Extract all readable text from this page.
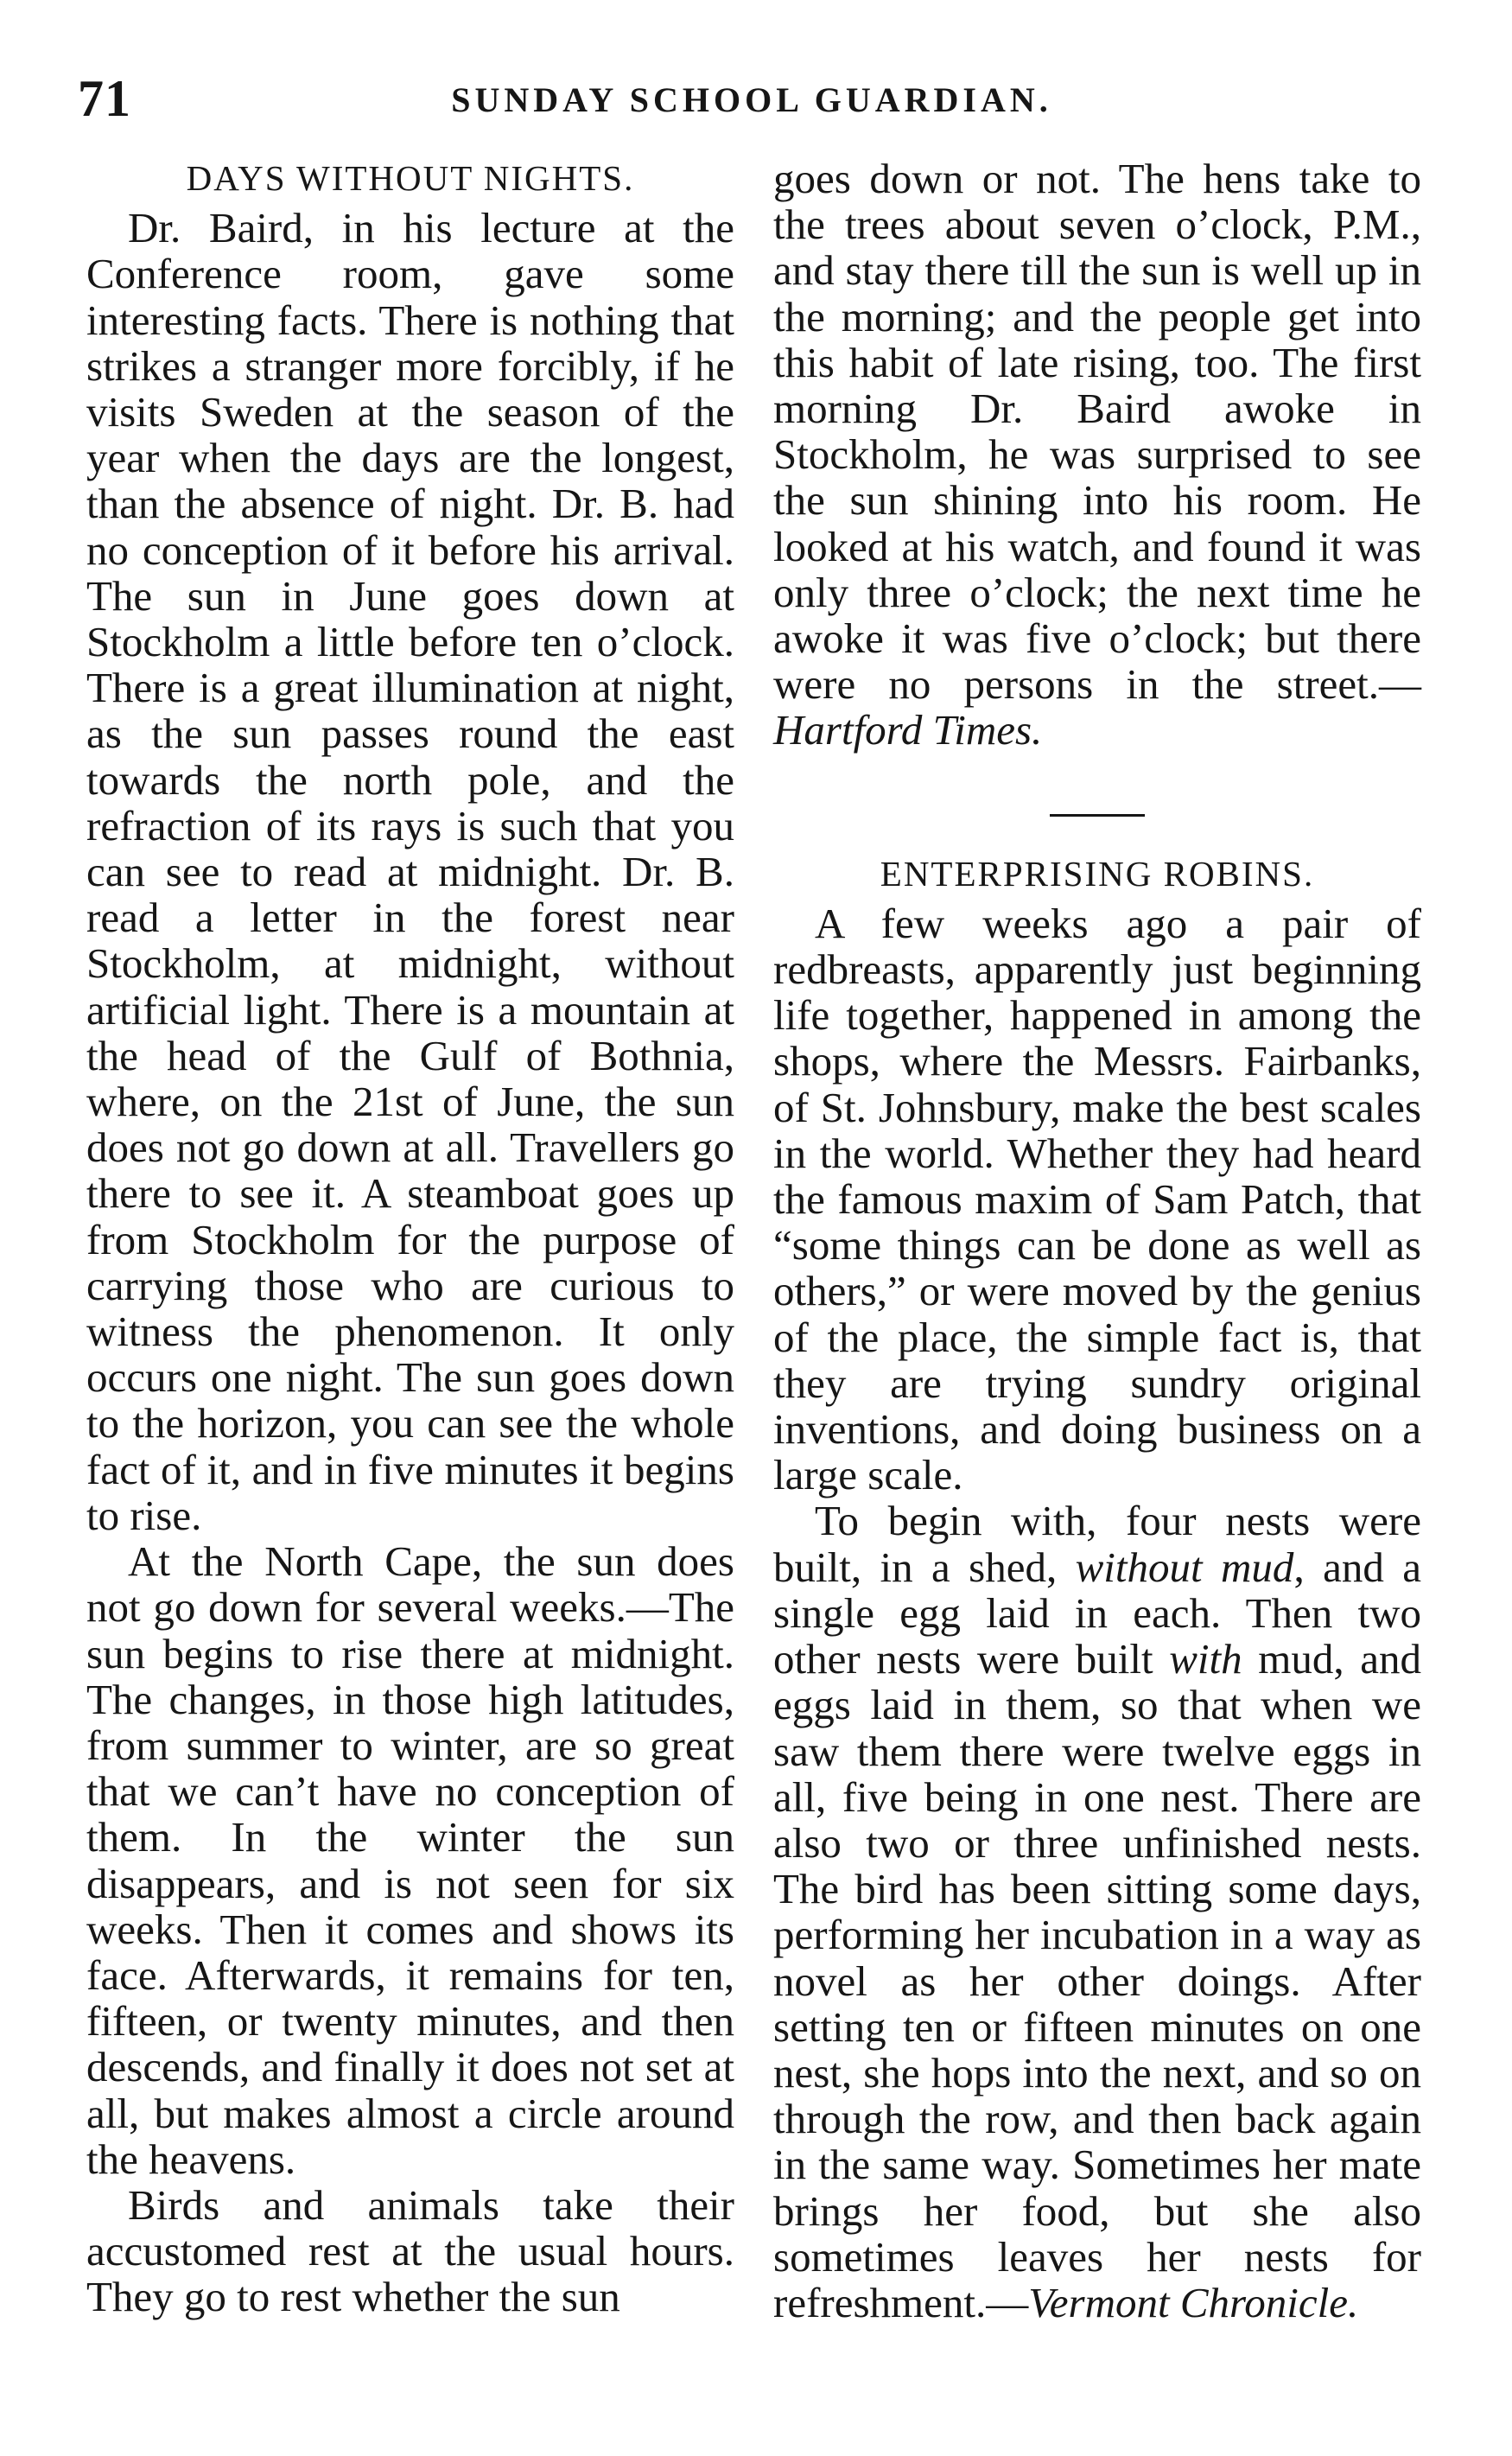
71	SUNDAY SCHOOL GUARDIAN.
DAYS WITHOUT NIGHTS.

Dr. Baird, in his lecture at the Conference room, gave some interesting facts. There is nothing that strikes a stranger more forcibly, if he visits Sweden at the season of the year when the days are the longest, than the absence of night. Dr. B. had no conception of it before his arrival. The sun in June goes down at Stockholm a little before ten o’clock. There is a great illumination at night, as the sun passes round the east towards the north pole, and the refraction of its rays is such that you can see to read at midnight. Dr. B. read a letter in the forest near Stockholm, at midnight, without artificial light. There is a mountain at the head of the Gulf of Bothnia, where, on the 21st of June, the sun does not go down at all. Travellers go there to see it. A steamboat goes up from Stockholm for the purpose of carrying those who are curious to witness the phenomenon. It only occurs one night. The sun goes down to the horizon, you can see the whole fact of it, and in five minutes it begins to rise.

At the North Cape, the sun does not go down for several weeks.—The sun begins to rise there at midnight. The changes, in those high latitudes, from summer to winter, are so great that we can’t have no conception of them. In the winter the sun disappears, and is not seen for six weeks. Then it comes and shows its face. Afterwards, it remains for ten, fifteen, or twenty minutes, and then descends, and finally it does not set at all, but makes almost a circle around the heavens.

Birds and animals take their accustomed rest at the usual hours. They go to rest whether the sun

goes down or not. The hens take to the trees about seven o’clock, P.M., and stay there till the sun is well up in the morning; and the people get into this habit of late rising, too. The first morning Dr. Baird awoke in Stockholm, he was surprised to see the sun shining into his room. He looked at his watch, and found it was only three o’clock; the next time he awoke it was five o’clock; but there were no persons in the street.—Hartford Times.

ENTERPRISING ROBINS.

A few weeks ago a pair of redbreasts, apparently just beginning life together, happened in among the shops, where the Messrs. Fairbanks, of St. Johnsbury, make the best scales in the world. Whether they had heard the famous maxim of Sam Patch, that “some things can be done as well as others,” or were moved by the genius of the place, the simple fact is, that they are trying sundry original inventions, and doing business on a large scale.

To begin with, four nests were built, in a shed, without mud, and a single egg laid in each. Then two other nests were built with mud, and eggs laid in them, so that when we saw them there were twelve eggs in all, five being in one nest. There are also two or three unfinished nests. The bird has been sitting some days, performing her incubation in a way as novel as her other doings. After setting ten or fifteen minutes on one nest, she hops into the next, and so on through the row, and then back again in the same way. Sometimes her mate brings her food, but she also sometimes leaves her nests for refreshment.—Vermont Chronicle.
